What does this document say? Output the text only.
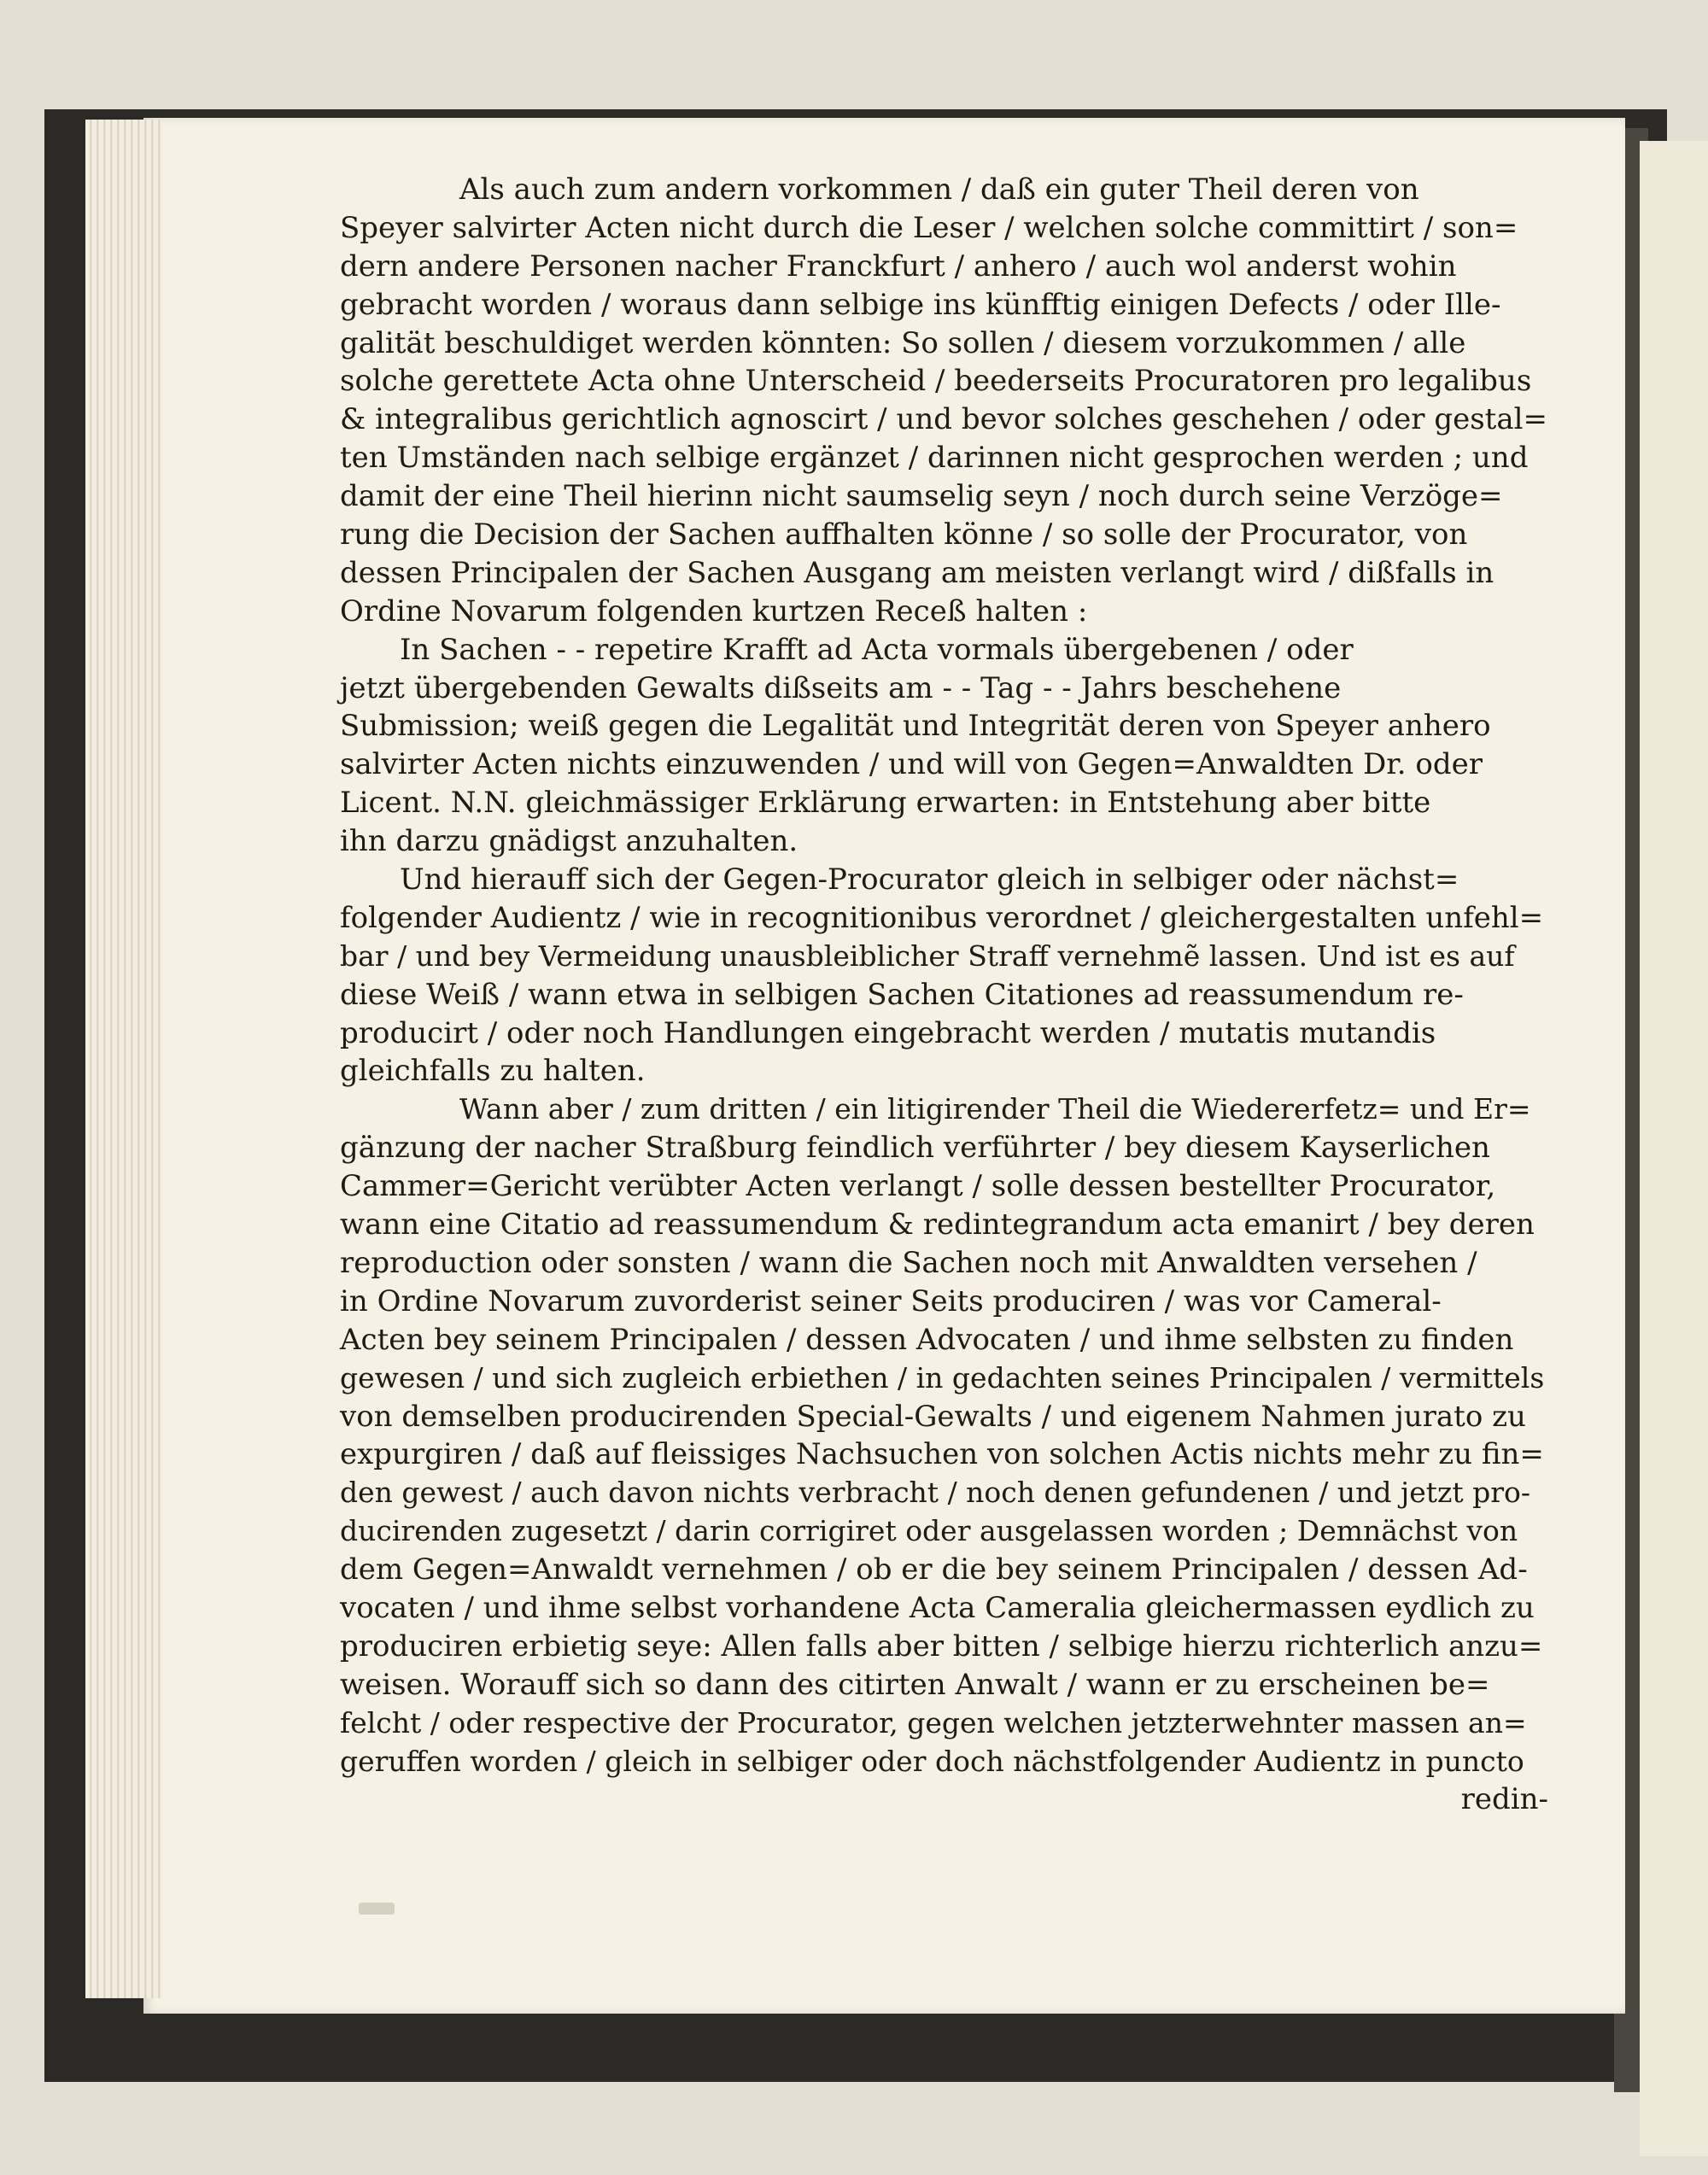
Als auch zum andern vorkommen / daß ein guter Theil deren von
Speyer salvirter Acten nicht durch die Leser / welchen solche committirt / son=
dern andere Personen nacher Franckfurt / anhero / auch wol anderst wohin
gebracht worden / woraus dann selbige ins künfftig einigen Defects / oder Ille-
galität beschuldiget werden könnten: So sollen / diesem vorzukommen / alle
solche gerettete Acta ohne Unterscheid / beederseits Procuratoren pro legalibus
& integralibus gerichtlich agnoscirt / und bevor solches geschehen / oder gestal=
ten Umständen nach selbige ergänzet / darinnen nicht gesprochen werden ; und
damit der eine Theil hierinn nicht saumselig seyn / noch durch seine Verzöge=
rung die Decision der Sachen auffhalten könne / so solle der Procurator, von
dessen Principalen der Sachen Ausgang am meisten verlangt wird / dißfalls in
Ordine Novarum folgenden kurtzen Receß halten :
In Sachen - - repetire Krafft ad Acta vormals übergebenen / oder
jetzt übergebenden Gewalts dißseits am - - Tag - - Jahrs beschehene
Submission; weiß gegen die Legalität und Integrität deren von Speyer anhero
salvirter Acten nichts einzuwenden / und will von Gegen=Anwaldten Dr. oder
Licent. N.N. gleichmässiger Erklärung erwarten: in Entstehung aber bitte
ihn darzu gnädigst anzuhalten.
Und hierauff sich der Gegen-Procurator gleich in selbiger oder nächst=
folgender Audientz / wie in recognitionibus verordnet / gleichergestalten unfehl=
bar / und bey Vermeidung unausbleiblicher Straff vernehmẽ lassen. Und ist es auf
diese Weiß / wann etwa in selbigen Sachen Citationes ad reassumendum re-
producirt / oder noch Handlungen eingebracht werden / mutatis mutandis
gleichfalls zu halten.
Wann aber / zum dritten / ein litigirender Theil die Wiedererfetz= und Er=
gänzung der nacher Straßburg feindlich verführter / bey diesem Kayserlichen
Cammer=Gericht verübter Acten verlangt / solle dessen bestellter Procurator,
wann eine Citatio ad reassumendum & redintegrandum acta emanirt / bey deren
reproduction oder sonsten / wann die Sachen noch mit Anwaldten versehen /
in Ordine Novarum zuvorderist seiner Seits produciren / was vor Cameral-
Acten bey seinem Principalen / dessen Advocaten / und ihme selbsten zu finden
gewesen / und sich zugleich erbiethen / in gedachten seines Principalen / vermittels
von demselben producirenden Special-Gewalts / und eigenem Nahmen jurato zu
expurgiren / daß auf fleissiges Nachsuchen von solchen Actis nichts mehr zu fin=
den gewest / auch davon nichts verbracht / noch denen gefundenen / und jetzt pro-
ducirenden zugesetzt / darin corrigiret oder ausgelassen worden ; Demnächst von
dem Gegen=Anwaldt vernehmen / ob er die bey seinem Principalen / dessen Ad-
vocaten / und ihme selbst vorhandene Acta Cameralia gleichermassen eydlich zu
produciren erbietig seye: Allen falls aber bitten / selbige hierzu richterlich anzu=
weisen. Worauff sich so dann des citirten Anwalt / wann er zu erscheinen be=
felcht / oder respective der Procurator, gegen welchen jetzterwehnter massen an=
geruffen worden / gleich in selbiger oder doch nächstfolgender Audientz in puncto
redin-
